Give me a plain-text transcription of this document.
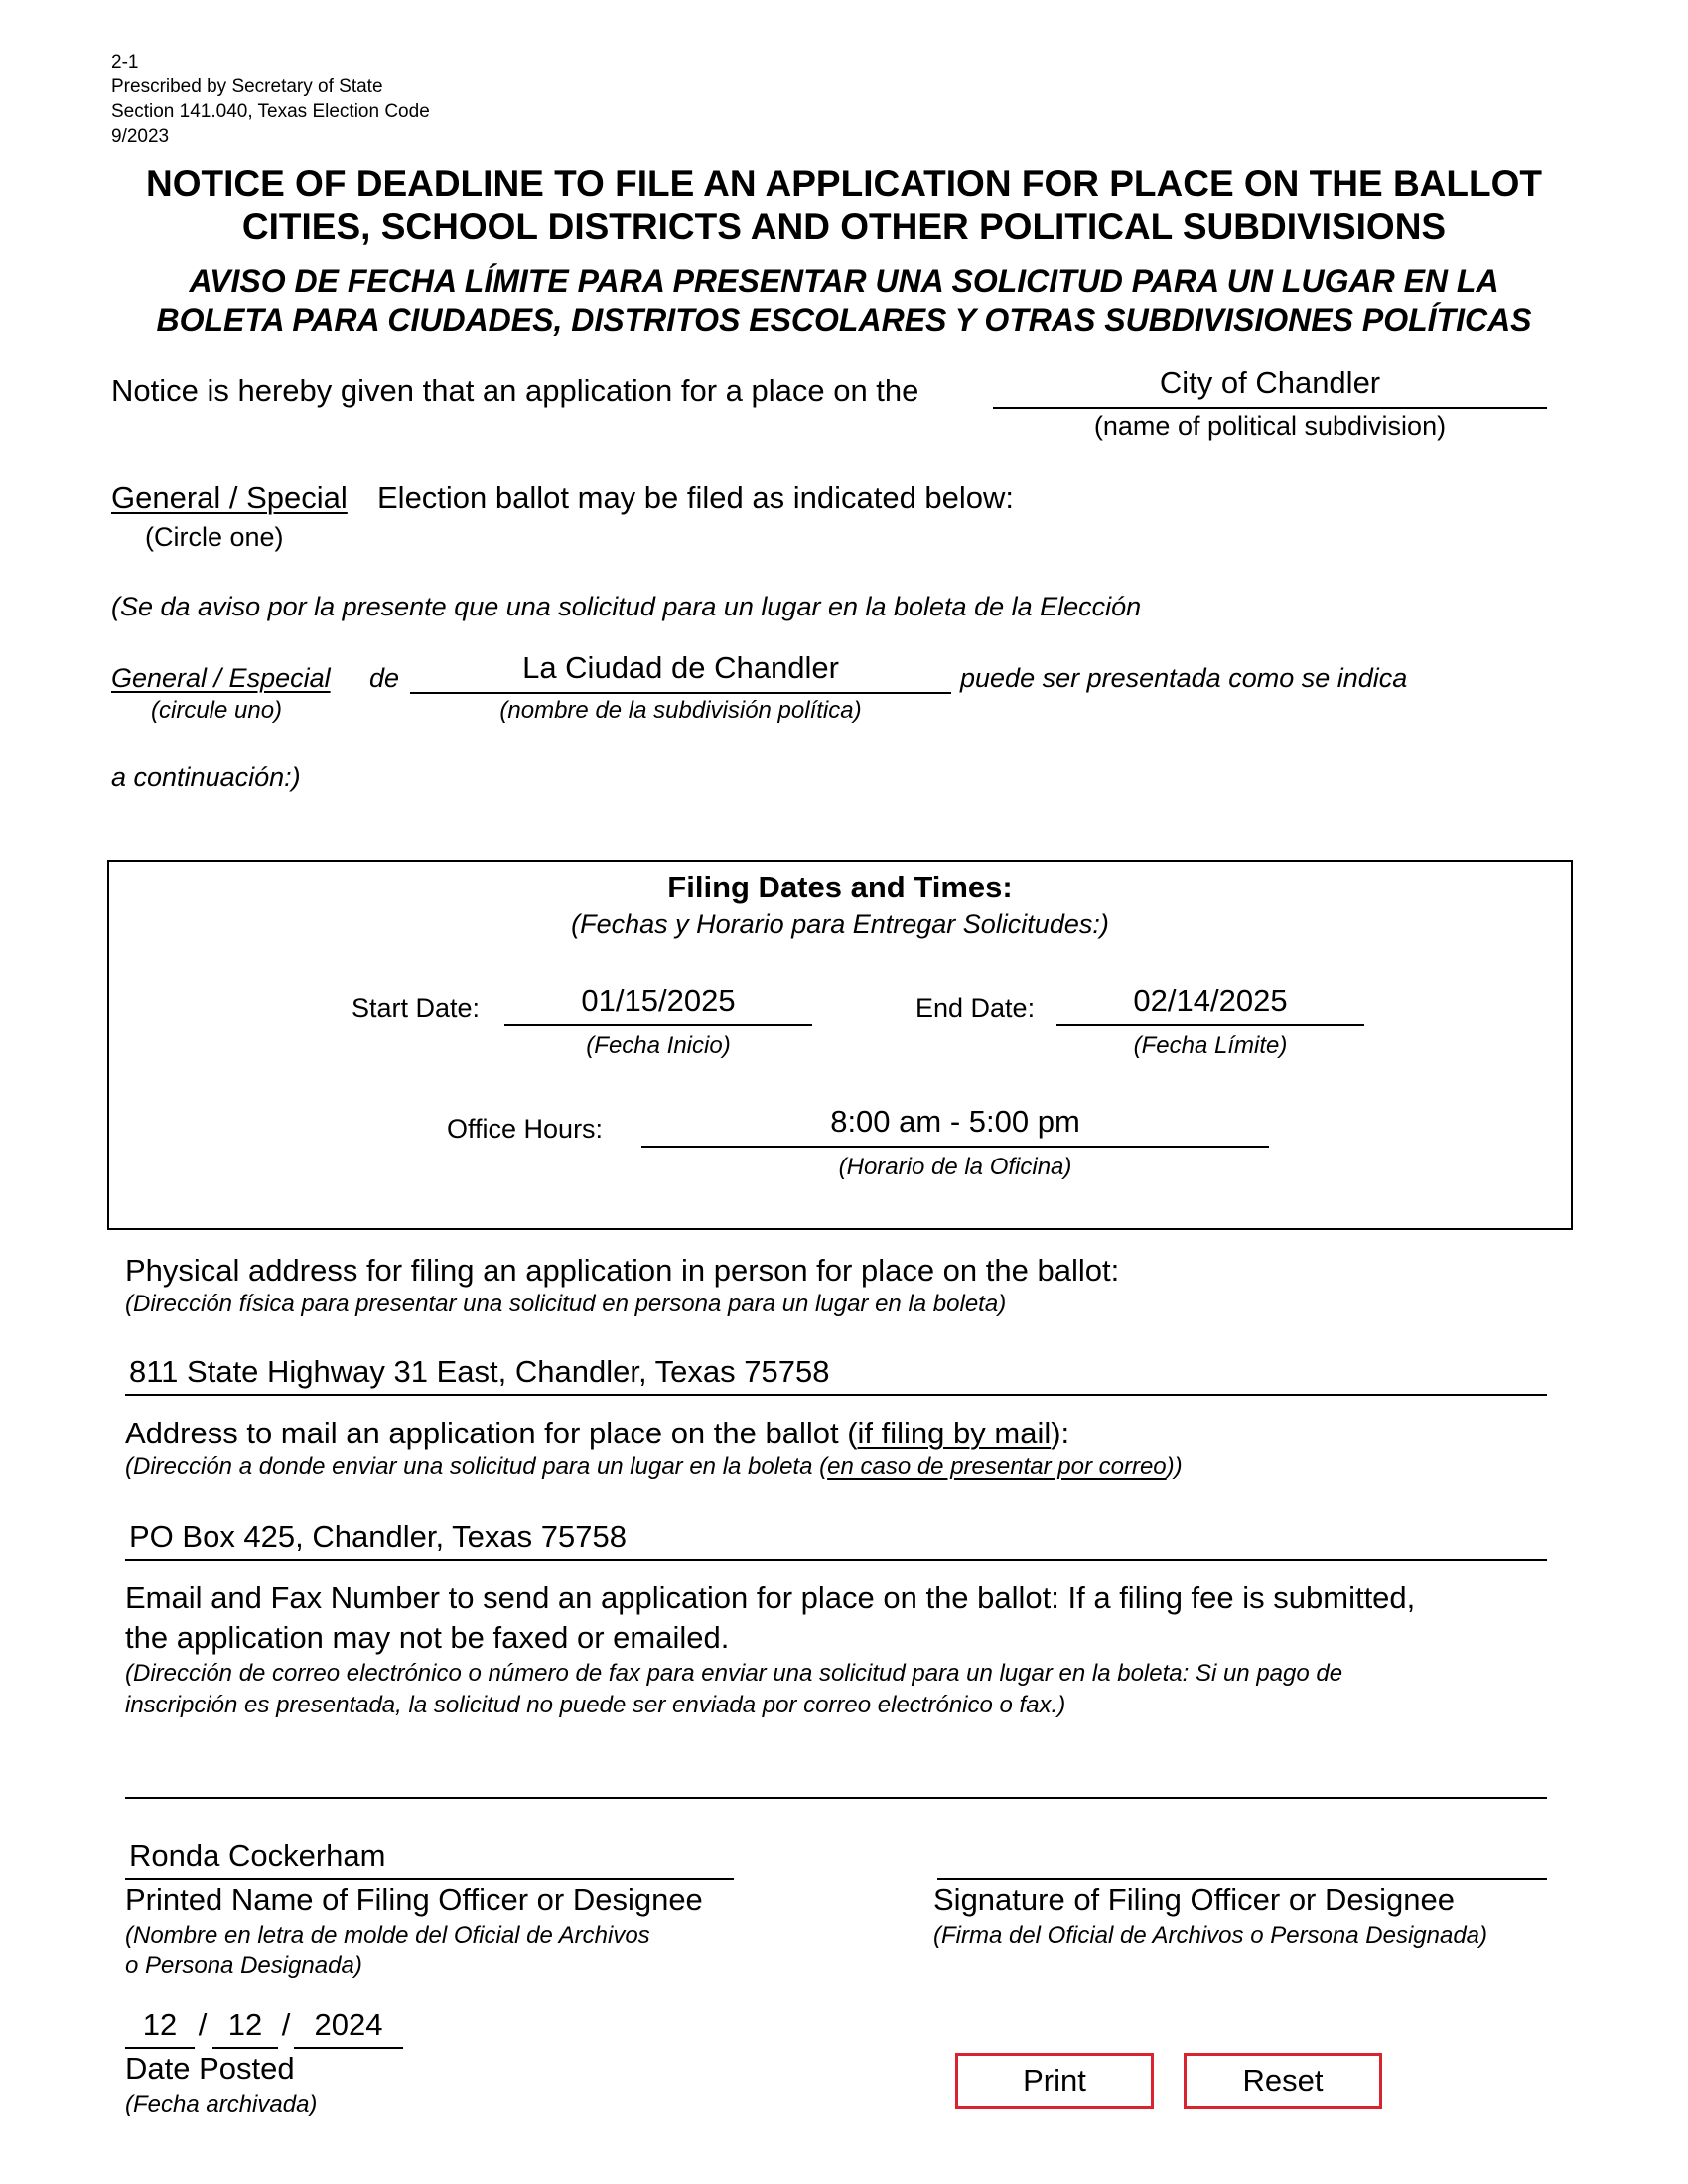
2-1
Prescribed by Secretary of State
Section 141.040, Texas Election Code
9/2023
NOTICE OF DEADLINE TO FILE AN APPLICATION FOR PLACE ON THE BALLOT
CITIES, SCHOOL DISTRICTS AND OTHER POLITICAL SUBDIVISIONS
AVISO DE FECHA LÍMITE PARA PRESENTAR UNA SOLICITUD PARA UN LUGAR EN LA
BOLETA PARA CIUDADES, DISTRITOS ESCOLARES Y OTRAS SUBDIVISIONES POLÍTICAS
Notice is hereby given that an application for a place on the	City of Chandler
(name of political subdivision)
General / Special Election ballot may be filed as indicated below:
(Circle one)
(Se da aviso por la presente que una solicitud para un lugar en la boleta de la Elección
General / Especial de	La Ciudad de Chandler	puede ser presentada como se indica
(circule uno)	(nombre de la subdivisión política)
a continuación:)
Filing Dates and Times:
(Fechas y Horario para Entregar Solicitudes:)
Start Date:	01/15/2025
(Fecha Inicio)
End Date:	02/14/2025
(Fecha Límite)
Office Hours:	8:00 am - 5:00 pm
(Horario de la Oficina)
Physical address for filing an application in person for place on the ballot:
(Dirección física para presentar una solicitud en persona para un lugar en la boleta)
811 State Highway 31 East, Chandler, Texas 75758
Address to mail an application for place on the ballot (if filing by mail):
(Dirección a donde enviar una solicitud para un lugar en la boleta (en caso de presentar por correo))
PO Box 425, Chandler, Texas 75758
Email and Fax Number to send an application for place on the ballot: If a filing fee is submitted,
the application may not be faxed or emailed.
(Dirección de correo electrónico o número de fax para enviar una solicitud para un lugar en la boleta: Si un pago de
inscripción es presentada, la solicitud no puede ser enviada por correo electrónico o fax.)
Ronda Cockerham
Printed Name of Filing Officer or Designee
(Nombre en letra de molde del Oficial de Archivos
o Persona Designada)
Signature of Filing Officer or Designee
(Firma del Oficial de Archivos o Persona Designada)
12 / 12 / 2024
Date Posted
(Fecha archivada)
Print	Reset
